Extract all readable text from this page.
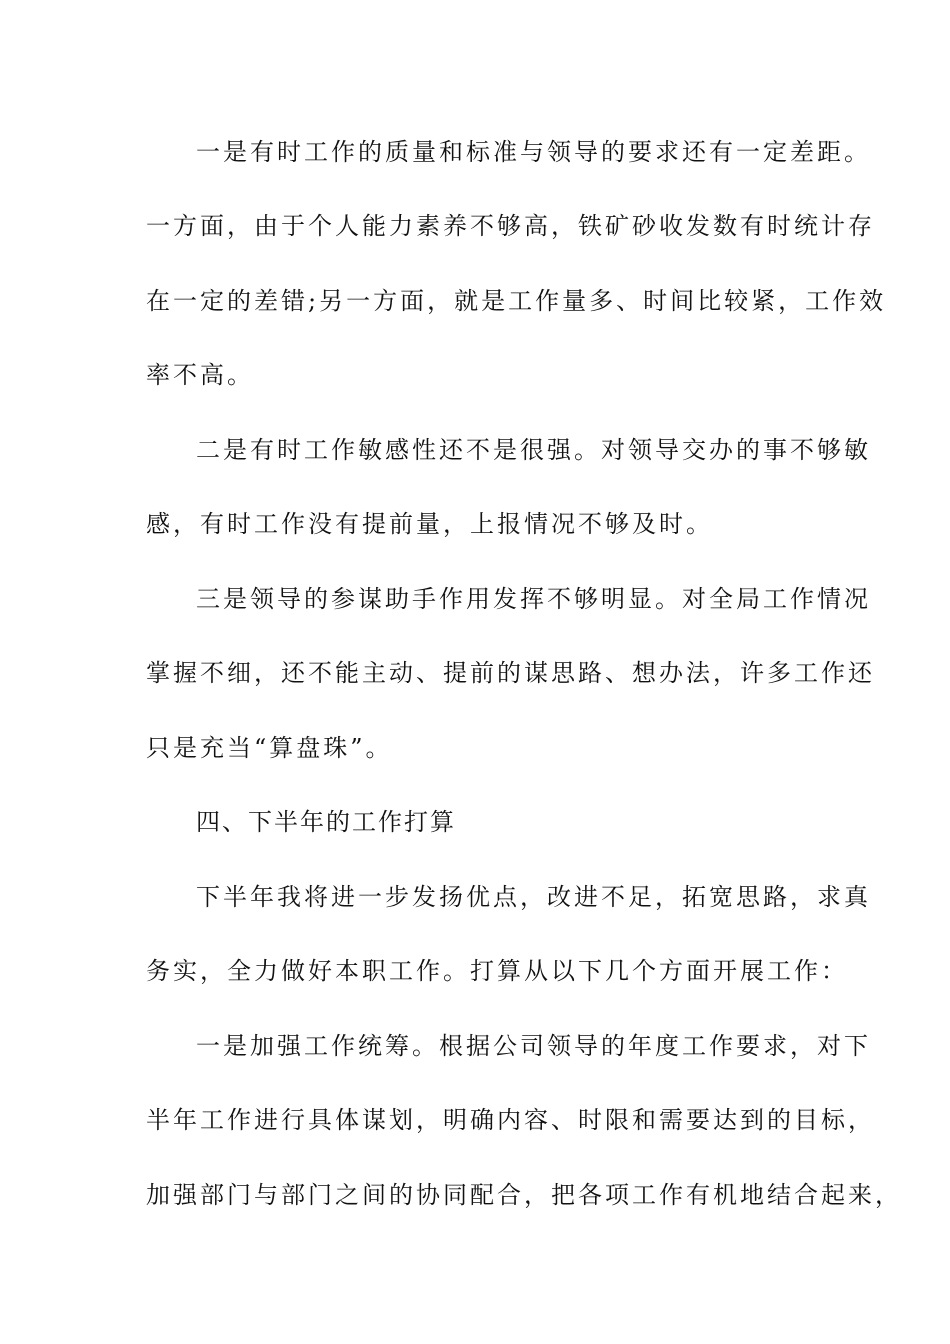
一是有时工作的质量和标准与领导的要求还有一定差距。
一方面，由于个人能力素养不够高，铁矿砂收发数有时统计存
在一定的差错;另一方面，就是工作量多、时间比较紧，工作效
率不高。
二是有时工作敏感性还不是很强。对领导交办的事不够敏
感，有时工作没有提前量，上报情况不够及时。
三是领导的参谋助手作用发挥不够明显。对全局工作情况
掌握不细，还不能主动、提前的谋思路、想办法，许多工作还
只是充当“算盘珠”。
四、下半年的工作打算
下半年我将进一步发扬优点，改进不足，拓宽思路，求真
务实，全力做好本职工作。打算从以下几个方面开展工作：
一是加强工作统筹。根据公司领导的年度工作要求，对下
半年工作进行具体谋划，明确内容、时限和需要达到的目标，
加强部门与部门之间的协同配合，把各项工作有机地结合起来，
